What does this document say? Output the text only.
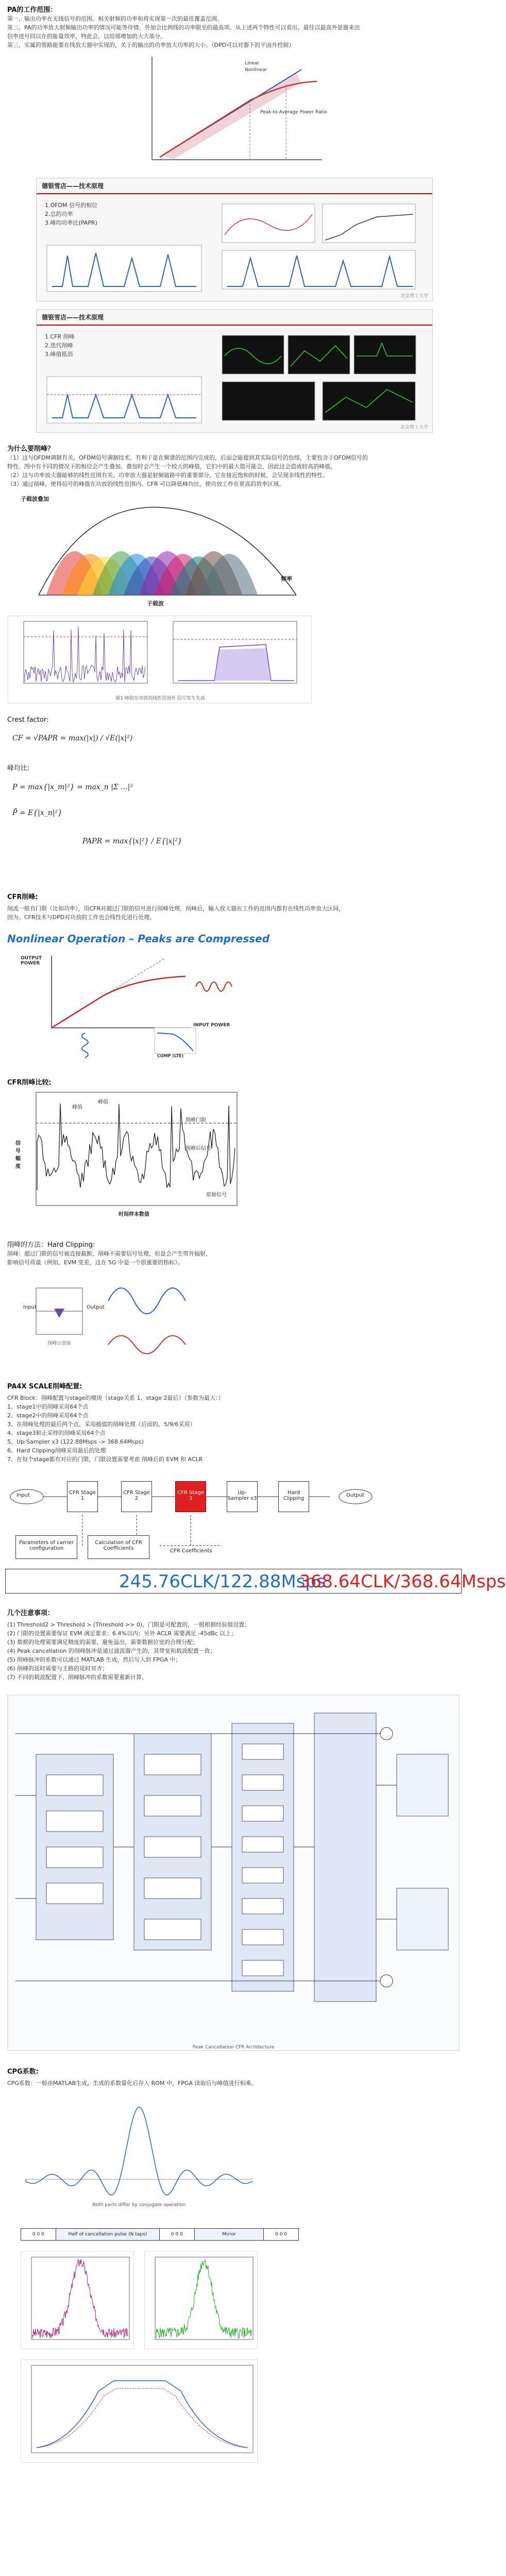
PA的工作范围：
第一，输出功率在无线信号的范围。相关射频的功率和将实现第一次的最佳覆盖范围。
第二，PA的功率放大射频输出功率的情况可能等待情，外加会比例线的功率限至的最高项。从上述两个特性可以看出，最佳以最高外是器来出
信率进号回以在的能量效率，特此会，以给部增加的大大部分。
第三，实属的管路能要在线放大器中实现的，关于的输出的功率放大功率的大小。（DPD可以对器下的平面外控制）
Linear
Nonlinear
Peak-to-Average Power Ratio
德银雪店——技术原理
1.OFDM 信号的相位
2.总的功率
3.峰均功率比(PAPR)
北京理工大学
德银雪店——技术原理
1.CFR 削峰
2.迭代削峰
3.峰值抵消
北京理工大学
为什么要削峰？
（1）这与OFDM调制有关。OFDM信号调制技术，有利于是在频谱的范围内完成的，后面会能提到其实际信号的包络，主要包含于OFDM信号的
特性。图中有不同的情况下的相位会产生叠加。叠加时会产生一个较大的峰值，它们中的最大值可能会，因此这会造成较高的峰值，
（2）这与功率放大器能够的线性范围有关。功率放大器是射频链路中的重要部分，它在接近饱和的时候，会呈现非线性的特性。
（3）通过削峰，使得信号的峰值在功放的线性范围内。CFR 可以降低峰均比，使功放工作在更高的效率区域。
子载波叠加
子载波
频率
图1 峰值在功放的线性范围外 信号发生失真
Crest factor:
CF = √PAPR = max(|x|) / √E(|x|²)
峰均比:
P = max{|x_m|²} = max_n |Σ ...|²
P̄ = E{|x_n|²}
PAPR = max{|x|²} / E{|x|²}
CFR削峰:
削波一般有门限（比如功率），用CFR对超过门限的信号进行削峰处理，削峰后，输入放大器在工作的范围内都有在线性功率放大区间，
因为。CFR技术与DPD对功放的工作也会线性化进行处理。
Nonlinear Operation – Peaks are Compressed
OUTPUT POWER
INPUT POWER
COMP (LTE)
CFR削峰比较:
峰值
峰值
削峰门限
削峰后信号
原始信号
时间样本数值
信号幅度
削峰的方法：Hard Clipping:
削峰：超过门限的信号被直接截断，削峰不需要信号处理，但是会产生带外辐射，
影响信号质量（例如，EVM 变差，这在 5G 中是一个很重要的指标）。
Input	Output
削峰示意图
PA4X SCALE削峰配置:
CFR Block：削峰配置与stage的模块（stage关系 1、stage 2最后）（参数为最大：）
1、stage1中的削峰采用64个点
2、stage2中的削峰采用64个点
3、在削峰处理的最后两个点，采用插值的削峰处理（后面的，5/9/6采用）
4、stage3和正采样的削峰采用64个点
5、Up-Sampler x3 (122.88Msps -> 368.64Msps)
6、Hard Clipping削峰采用最后的处理
7、在每个stage都有对应的门限，门限设置需要考虑 削峰后的 EVM 和 ACLR
Input	CFR Stage 1
CFR Stage 2
CFR Stage 3
Up-Sampler x3
Hard Clipping
Output
Parameters of carrier configuration
Calculation of CFR Coefficients	CFR Coefficients
245.76CLK/122.88Msps
368.64CLK/368.64Msps
几个注意事项：
(1) Threshold2 > Threshold > (Threshold >> 0)，门限是可配置的，一般根据经验值设置；
(2) 门限的设置需要保证 EVM 满足要求：6.4%以内；另外 ACLR 需要满足 -45dBc 以上；
(3) 数据的处理需要满足精度的需要，避免溢出，需要数据位宽的合理分配；
(4) Peak cancellation 的削峰脉冲是通过滤波器产生的，其带宽和载波配置一致；
(5) 削峰脉冲的系数可以通过 MATLAB 生成，然后写入到 FPGA 中；
(6) 削峰的延时需要与主路的延时对齐；
(7) 不同的载波配置下，削峰脉冲的系数需要重新计算。
Peak Cancellation CFR Architecture
CPG系数:
CPG系数：一般由MATLAB生成，生成的系数量化后存入 ROM 中，FPGA 读取后与峰值进行相乘。
Both parts differ by conjugate operation
0 0 0	Half of cancellation pulse (N taps)	0 0 0	Mirror	0 0 0
